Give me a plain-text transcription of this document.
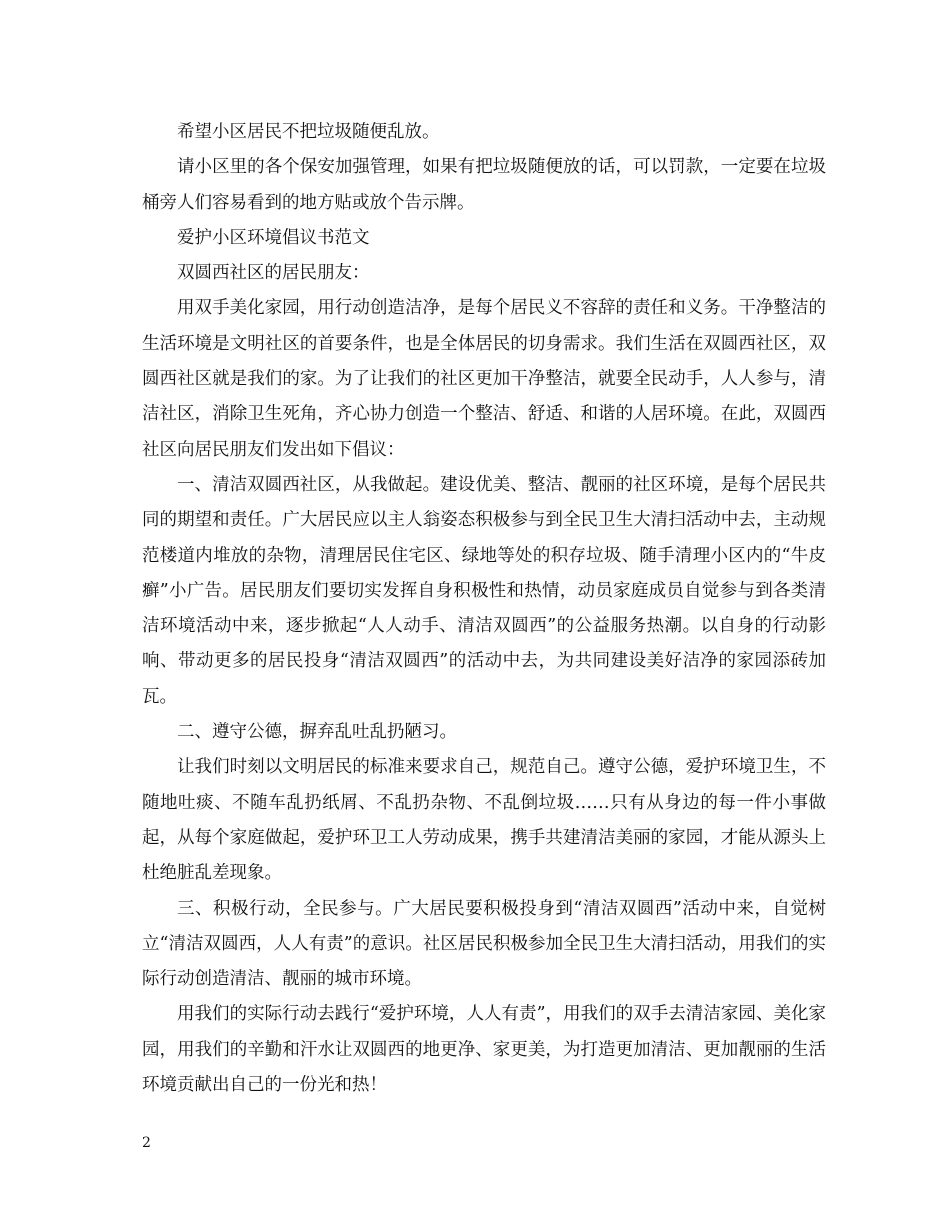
希望小区居民不把垃圾随便乱放。

请小区里的各个保安加强管理，如果有把垃圾随便放的话，可以罚款，一定要在垃圾桶旁人们容易看到的地方贴或放个告示牌。

爱护小区环境倡议书范文

双圆西社区的居民朋友：

用双手美化家园，用行动创造洁净，是每个居民义不容辞的责任和义务。干净整洁的生活环境是文明社区的首要条件，也是全体居民的切身需求。我们生活在双圆西社区，双圆西社区就是我们的家。为了让我们的社区更加干净整洁，就要全民动手，人人参与，清洁社区，消除卫生死角，齐心协力创造一个整洁、舒适、和谐的人居环境。在此，双圆西社区向居民朋友们发出如下倡议：

一、清洁双圆西社区，从我做起。建设优美、整洁、靓丽的社区环境，是每个居民共同的期望和责任。广大居民应以主人翁姿态积极参与到全民卫生大清扫活动中去，主动规范楼道内堆放的杂物，清理居民住宅区、绿地等处的积存垃圾、随手清理小区内的“牛皮癣”小广告。居民朋友们要切实发挥自身积极性和热情，动员家庭成员自觉参与到各类清洁环境活动中来，逐步掀起“人人动手、清洁双圆西”的公益服务热潮。以自身的行动影响、带动更多的居民投身“清洁双圆西”的活动中去，为共同建设美好洁净的家园添砖加瓦。

二、遵守公德，摒弃乱吐乱扔陋习。

让我们时刻以文明居民的标准来要求自己，规范自己。遵守公德，爱护环境卫生，不随地吐痰、不随车乱扔纸屑、不乱扔杂物、不乱倒垃圾……只有从身边的每一件小事做起，从每个家庭做起，爱护环卫工人劳动成果，携手共建清洁美丽的家园，才能从源头上杜绝脏乱差现象。

三、积极行动，全民参与。广大居民要积极投身到“清洁双圆西”活动中来，自觉树立“清洁双圆西，人人有责”的意识。社区居民积极参加全民卫生大清扫活动，用我们的实际行动创造清洁、靓丽的城市环境。

用我们的实际行动去践行“爱护环境，人人有责”，用我们的双手去清洁家园、美化家园，用我们的辛勤和汗水让双圆西的地更净、家更美，为打造更加清洁、更加靓丽的生活环境贡献出自己的一份光和热！

2
